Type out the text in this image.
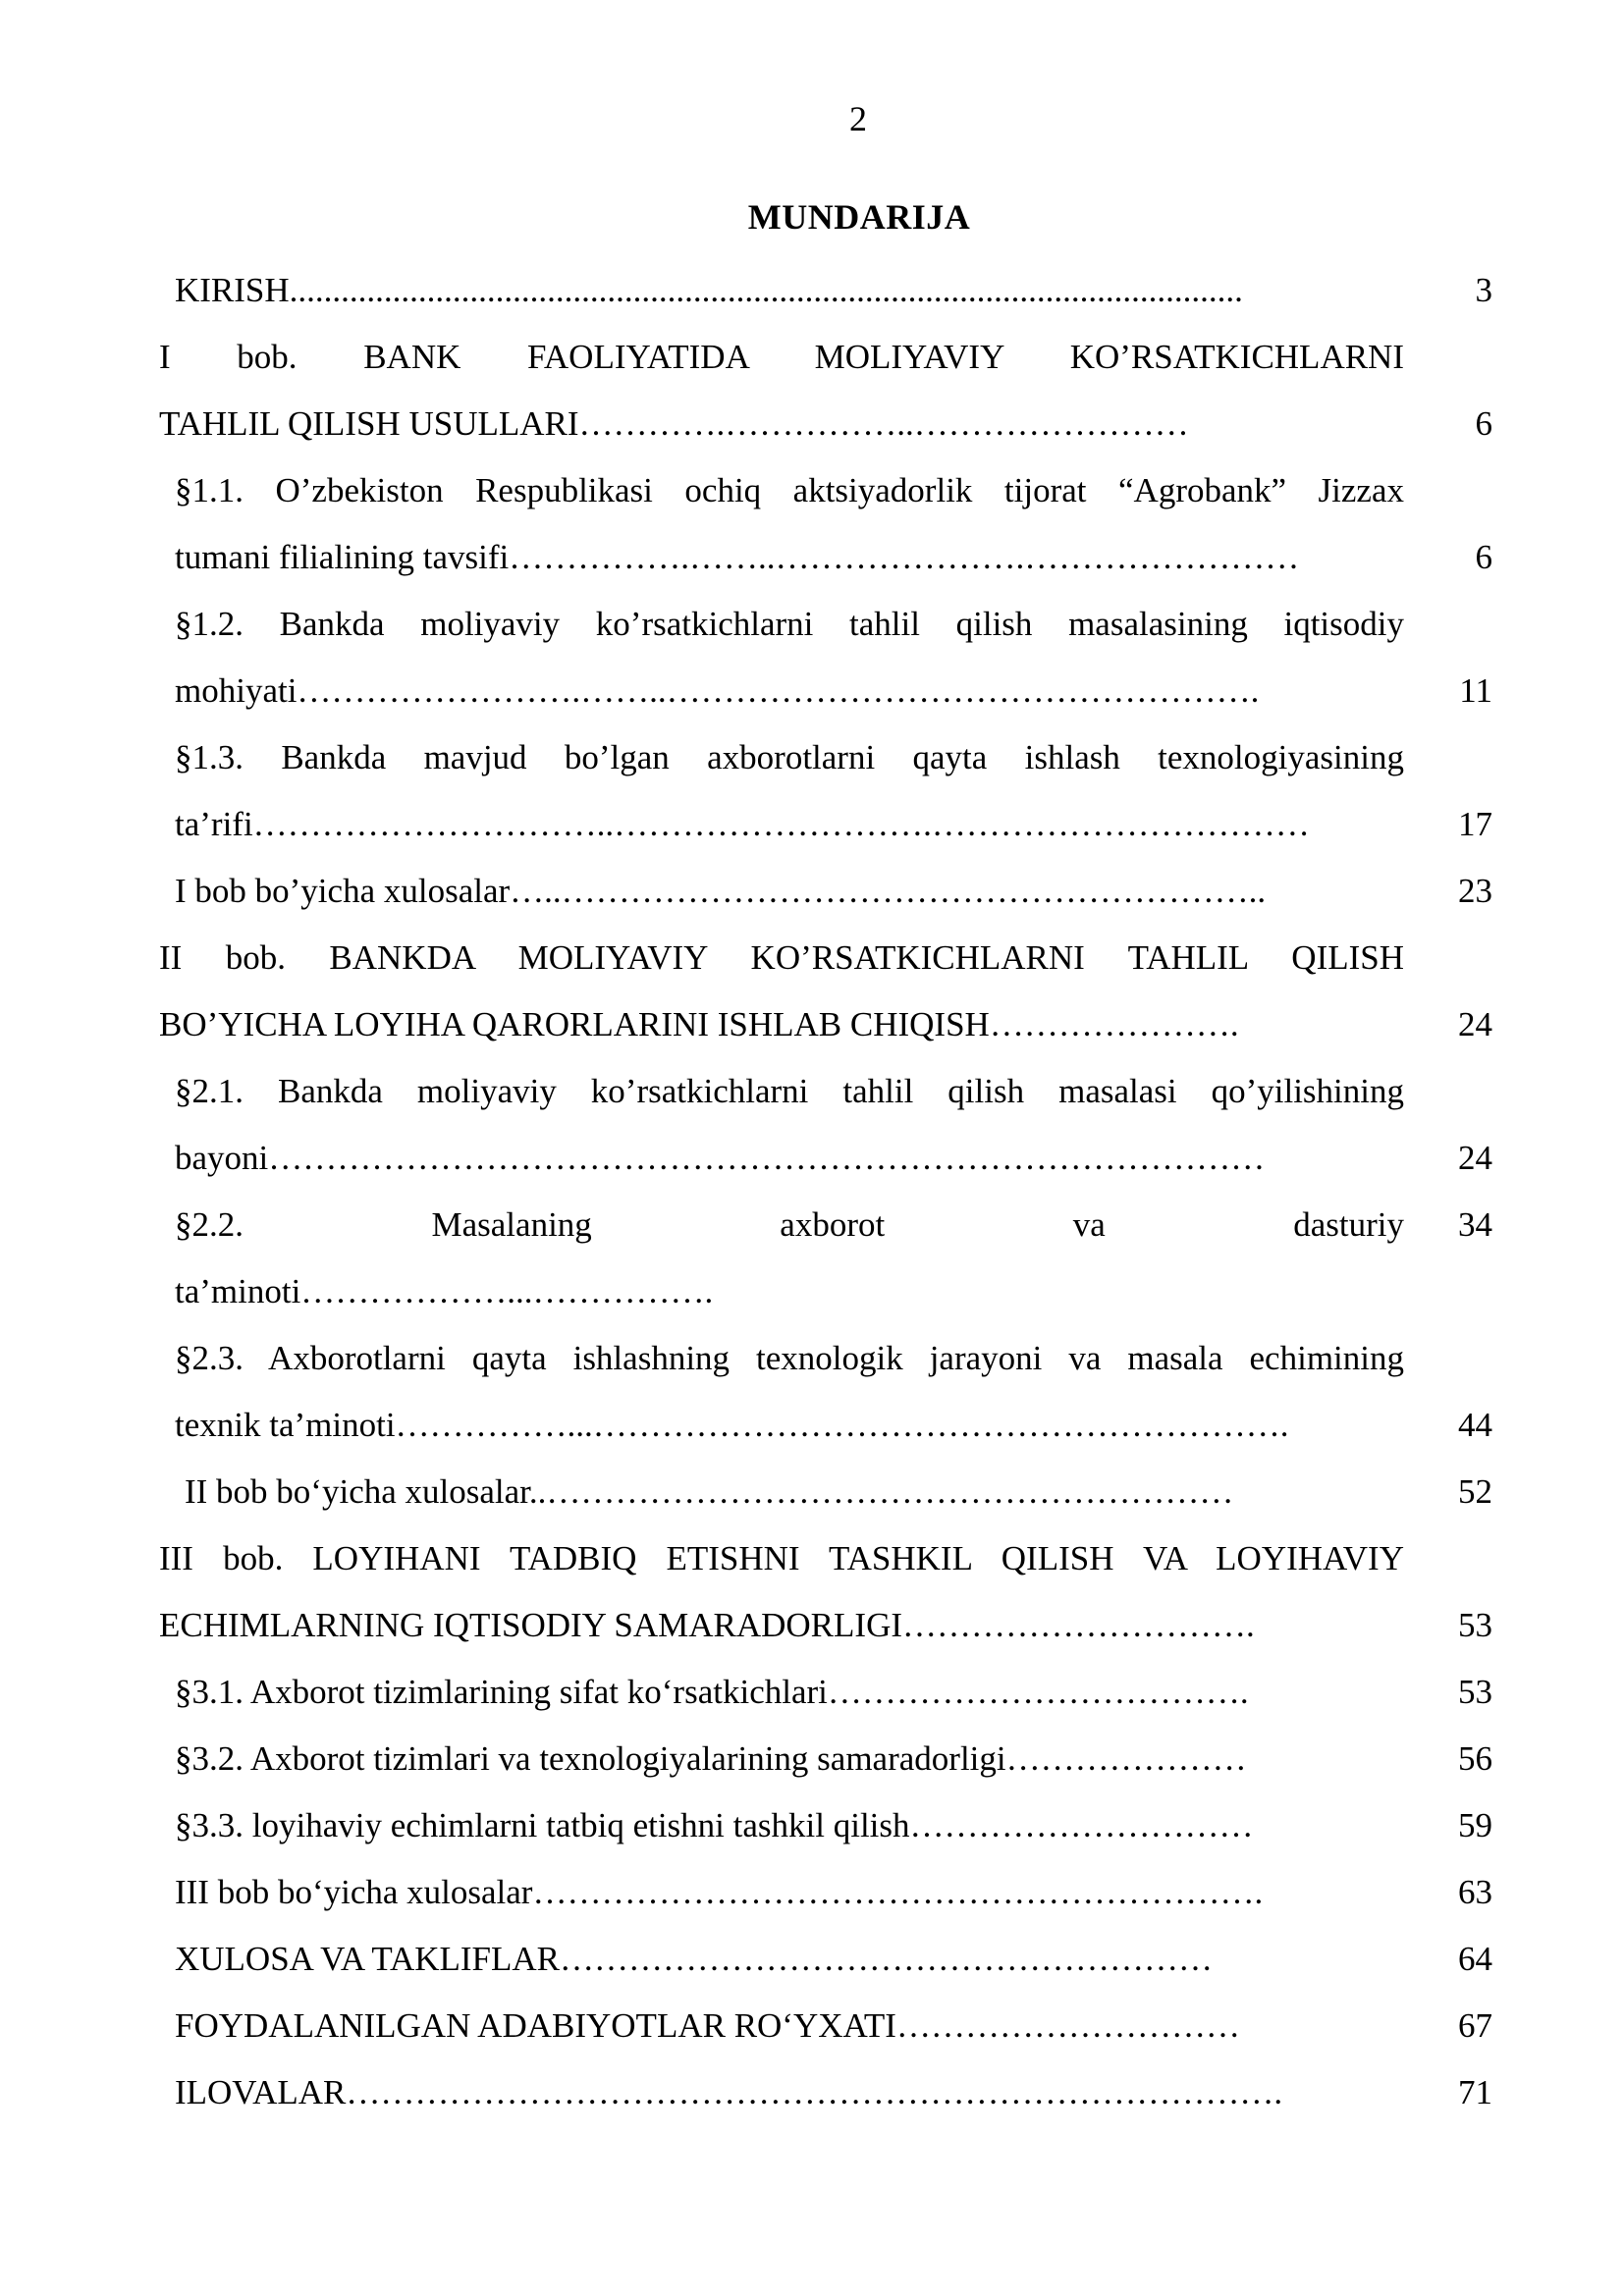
2
MUNDARIJA
KIRISH...............................................................................................................	3
I bob. BANK FAOLIYATIDA MOLIYAVIY KO’RSATKICHLARNI
TAHLIL QILISH USULLARI………….……………..……………………	6
§1.1. O’zbekiston Respublikasi ochiq aktsiyadorlik tijorat “Agrobank” Jizzax
tumani filialining tavsifi…………….……..………………….……………………	6
§1.2. Bankda moliyaviy ko’rsatkichlarni tahlil qilish masalasining iqtisodiy
mohiyati…………………….……..…………………………………………….	11
§1.3. Bankda mavjud bo’lgan axborotlarni qayta ishlash texnologiyasining
ta’rifi…………………………..……………………….……………………………	17
I bob bo’yicha xulosalar…..……………………………………………………..	23
II bob. BANKDA MOLIYAVIY KO’RSATKICHLARNI TAHLIL QILISH
BO’YICHA LOYIHA QARORLARINI ISHLAB CHIQISH………………….	24
§2.1. Bankda moliyaviy ko’rsatkichlarni tahlil qilish masalasi qo’yilishining
bayoni……………………………………………………………………………	24
§2.2. Masalaning axborot va dasturiy	34
ta’minoti………………...…………….
§2.3. Axborotlarni qayta ishlashning texnologik jarayoni va masala echimining
texnik ta’minoti……………...…………………………………………………….	44
II bob bo‘yicha xulosalar..……………………………………………………	52
III bob. LOYIHANI TADBIQ ETISHNI TASHKIL QILISH VA LOYIHAVIY
ECHIMLARNING IQTISODIY SAMARADORLIGI………………………….	53
§3.1. Axborot tizimlarining sifat ko‘rsatkichlari……………………………….	53
§3.2. Axborot tizimlari va texnologiyalarining samaradorligi…………………	56
§3.3. loyihaviy echimlarni tatbiq etishni tashkil qilish…………………………	59
III bob bo‘yicha xulosalar……………………………………………………….	63
XULOSA VA TAKLIFLAR…………………………………………………	64
FOYDALANILGAN ADABIYOTLAR RO‘YXATI…………………………	67
ILOVALAR……………………………………………………………………….	71
